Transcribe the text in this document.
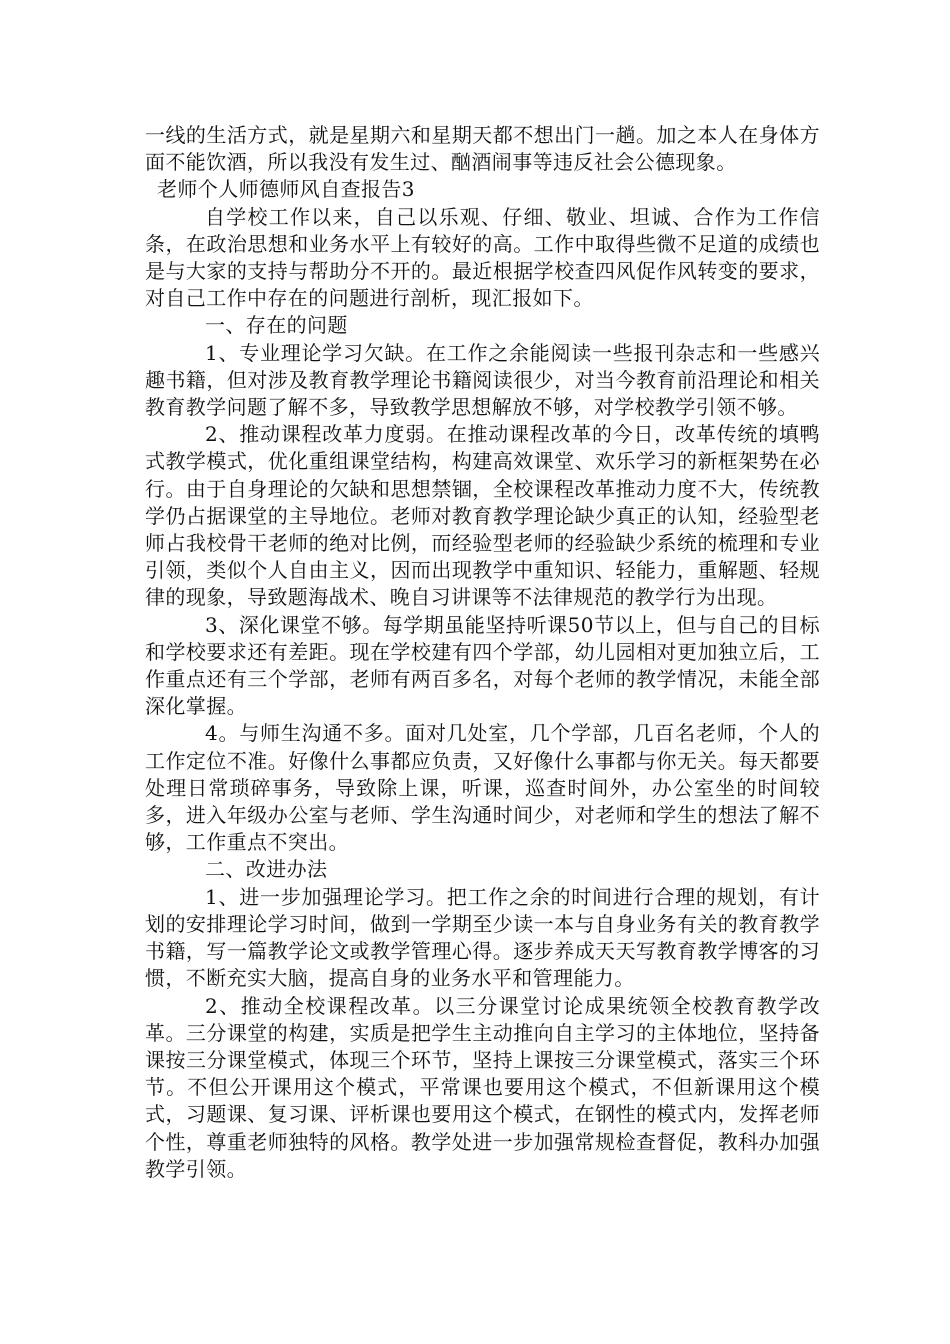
一线的生活方式，就是星期六和星期天都不想出门一趟。加之本人在身体方面不能饮酒，所以我没有发生过、酗酒闹事等违反社会公德现象。

老师个人师德师风自查报告3

自学校工作以来，自己以乐观、仔细、敬业、坦诚、合作为工作信条，在政治思想和业务水平上有较好的高。工作中取得些微不足道的成绩也是与大家的支持与帮助分不开的。最近根据学校查四风促作风转变的要求，对自己工作中存在的问题进行剖析，现汇报如下。

一、存在的问题

1、专业理论学习欠缺。在工作之余能阅读一些报刊杂志和一些感兴趣书籍，但对涉及教育教学理论书籍阅读很少，对当今教育前沿理论和相关教育教学问题了解不多，导致教学思想解放不够，对学校教学引领不够。

2、推动课程改革力度弱。在推动课程改革的今日，改革传统的填鸭式教学模式，优化重组课堂结构，构建高效课堂、欢乐学习的新框架势在必行。由于自身理论的欠缺和思想禁锢，全校课程改革推动力度不大，传统教学仍占据课堂的主导地位。老师对教育教学理论缺少真正的认知，经验型老师占我校骨干老师的绝对比例，而经验型老师的经验缺少系统的梳理和专业引领，类似个人自由主义，因而出现教学中重知识、轻能力，重解题、轻规律的现象，导致题海战术、晚自习讲课等不法律规范的教学行为出现。

3、深化课堂不够。每学期虽能坚持听课50节以上，但与自己的目标和学校要求还有差距。现在学校建有四个学部，幼儿园相对更加独立后，工作重点还有三个学部，老师有两百多名，对每个老师的教学情况，未能全部深化掌握。

4。与师生沟通不多。面对几处室，几个学部，几百名老师，个人的工作定位不准。好像什么事都应负责，又好像什么事都与你无关。每天都要处理日常琐碎事务，导致除上课，听课，巡查时间外，办公室坐的时间较多，进入年级办公室与老师、学生沟通时间少，对老师和学生的想法了解不够，工作重点不突出。

二、改进办法

1、进一步加强理论学习。把工作之余的时间进行合理的规划，有计划的安排理论学习时间，做到一学期至少读一本与自身业务有关的教育教学书籍，写一篇教学论文或教学管理心得。逐步养成天天写教育教学博客的习惯，不断充实大脑，提高自身的业务水平和管理能力。

2、推动全校课程改革。以三分课堂讨论成果统领全校教育教学改革。三分课堂的构建，实质是把学生主动推向自主学习的主体地位，坚持备课按三分课堂模式，体现三个环节，坚持上课按三分课堂模式，落实三个环节。不但公开课用这个模式，平常课也要用这个模式，不但新课用这个模式，习题课、复习课、评析课也要用这个模式，在钢性的模式内，发挥老师个性，尊重老师独特的风格。教学处进一步加强常规检查督促，教科办加强教学引领。
